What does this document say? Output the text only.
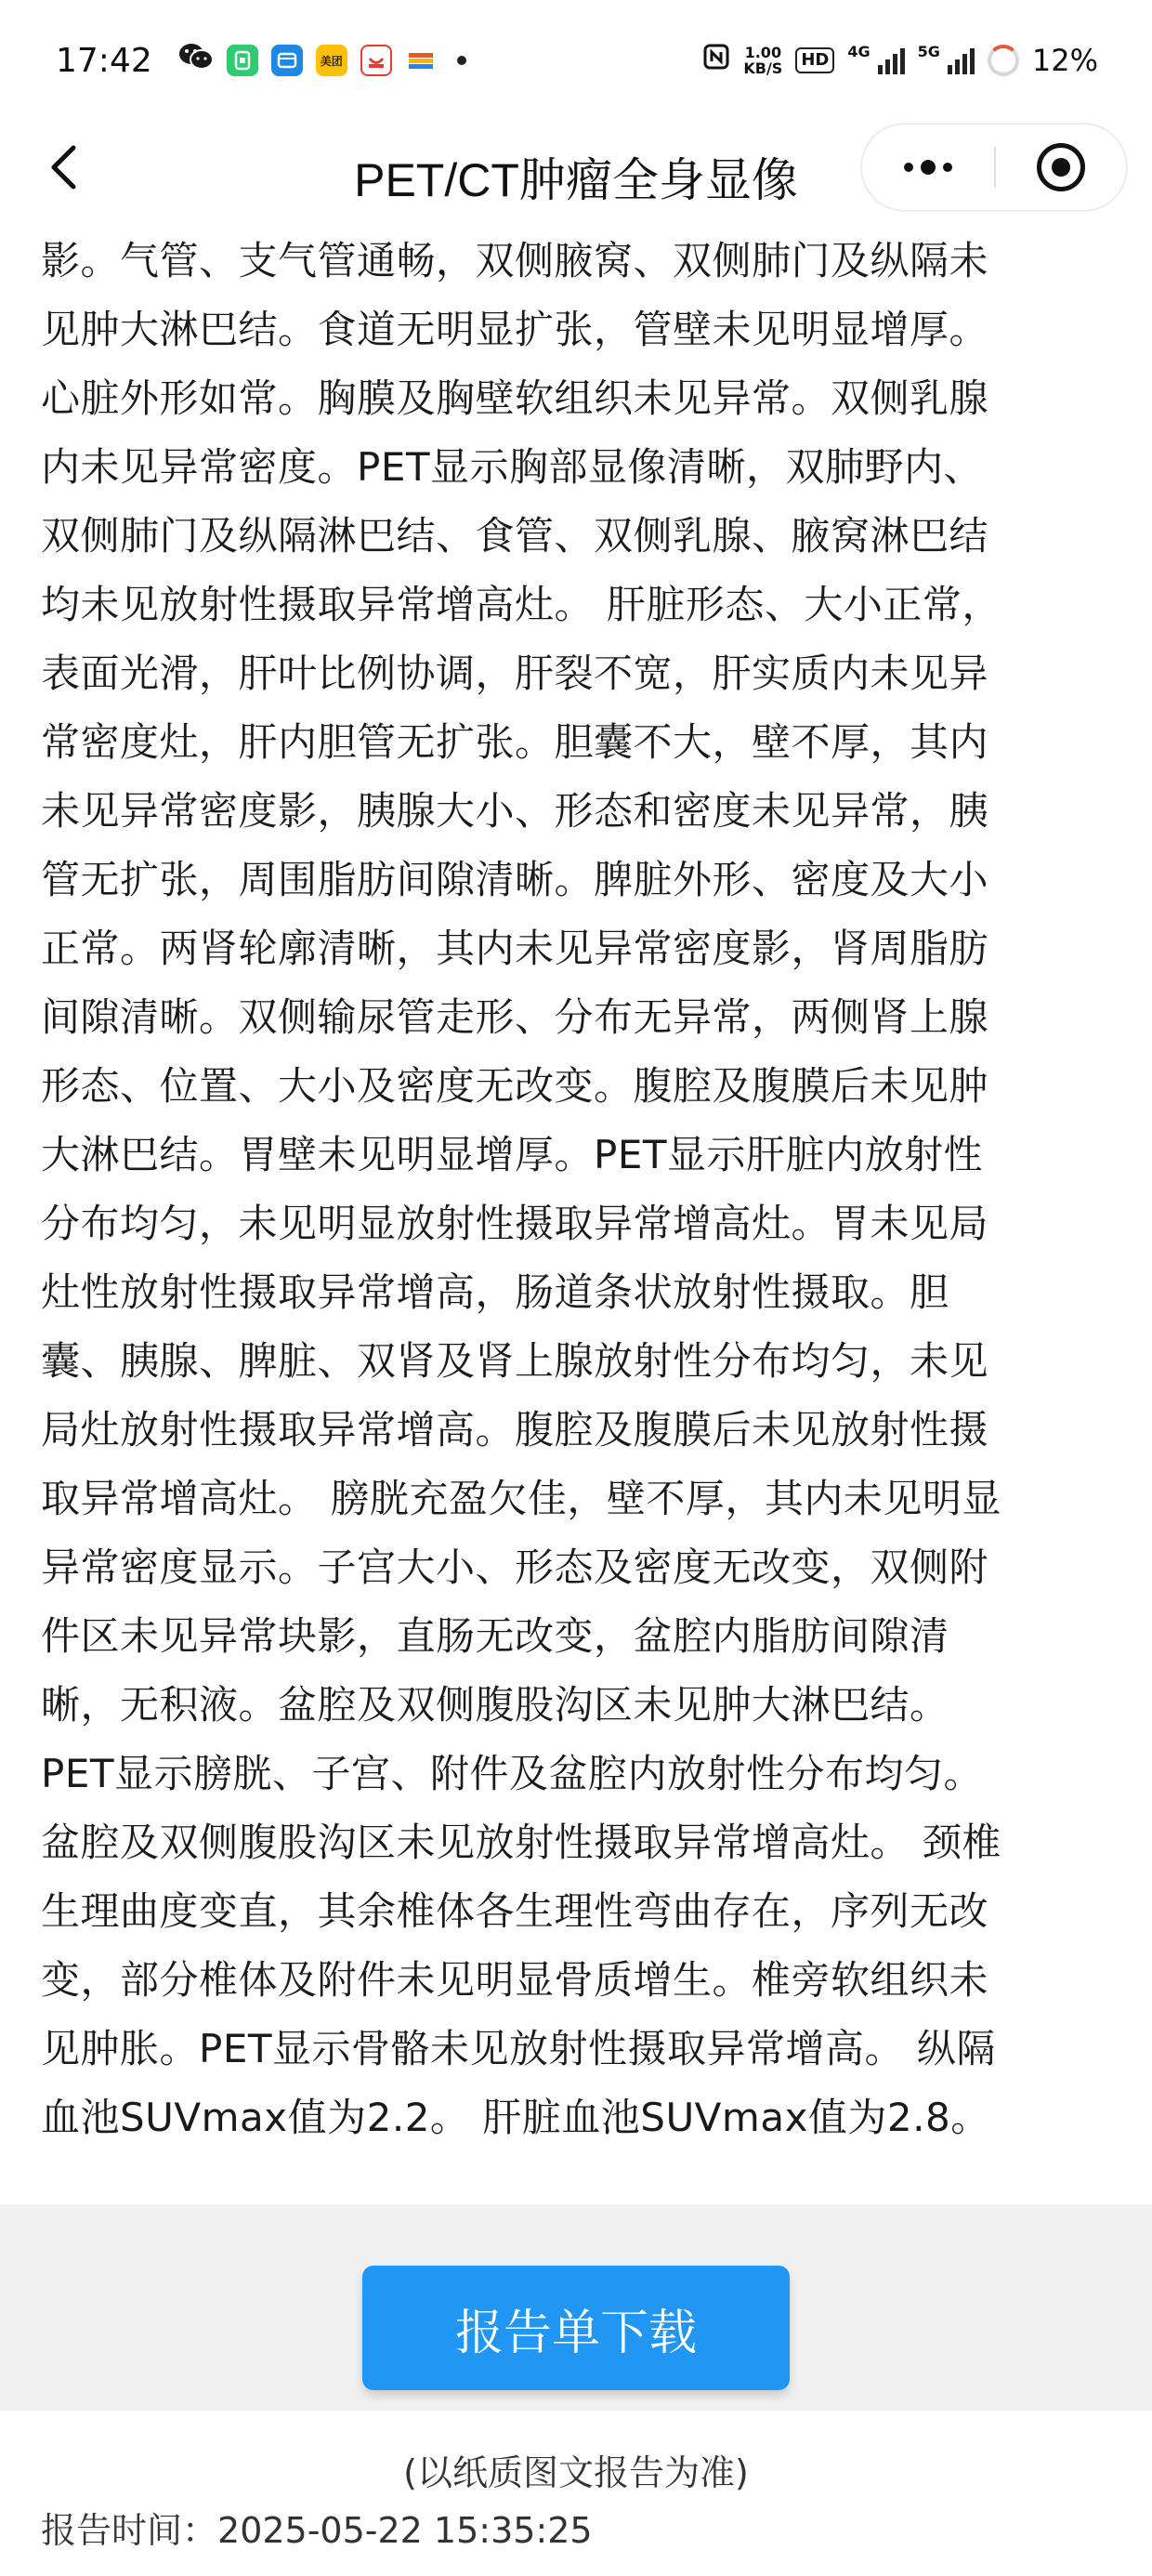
17:42	美团	1.00
KB/S	HD	4G	5G	12%
PET/CT肿瘤全身显像
影。气管、支气管通畅，双侧腋窝、双侧肺门及纵隔未
见肿大淋巴结。食道无明显扩张，管壁未见明显增厚。
心脏外形如常。胸膜及胸壁软组织未见异常。双侧乳腺
内未见异常密度。PET显示胸部显像清晰，双肺野内、
双侧肺门及纵隔淋巴结、食管、双侧乳腺、腋窝淋巴结
均未见放射性摄取异常增高灶。 肝脏形态、大小正常，
表面光滑，肝叶比例协调，肝裂不宽，肝实质内未见异
常密度灶，肝内胆管无扩张。胆囊不大，壁不厚，其内
未见异常密度影，胰腺大小、形态和密度未见异常，胰
管无扩张，周围脂肪间隙清晰。脾脏外形、密度及大小
正常。两肾轮廓清晰，其内未见异常密度影，肾周脂肪
间隙清晰。双侧输尿管走形、分布无异常，两侧肾上腺
形态、位置、大小及密度无改变。腹腔及腹膜后未见肿
大淋巴结。胃壁未见明显增厚。PET显示肝脏内放射性
分布均匀，未见明显放射性摄取异常增高灶。胃未见局
灶性放射性摄取异常增高，肠道条状放射性摄取。胆
囊、胰腺、脾脏、双肾及肾上腺放射性分布均匀，未见
局灶放射性摄取异常增高。腹腔及腹膜后未见放射性摄
取异常增高灶。 膀胱充盈欠佳，壁不厚，其内未见明显
异常密度显示。子宫大小、形态及密度无改变，双侧附
件区未见异常块影，直肠无改变，盆腔内脂肪间隙清
晰，无积液。盆腔及双侧腹股沟区未见肿大淋巴结。
PET显示膀胱、子宫、附件及盆腔内放射性分布均匀。
盆腔及双侧腹股沟区未见放射性摄取异常增高灶。 颈椎
生理曲度变直，其余椎体各生理性弯曲存在，序列无改
变，部分椎体及附件未见明显骨质增生。椎旁软组织未
见肿胀。PET显示骨骼未见放射性摄取异常增高。 纵隔
血池SUVmax值为2.2。 肝脏血池SUVmax值为2.8。
报告单下载
(以纸质图文报告为准)
报告时间：2025-05-22 15:35:25
